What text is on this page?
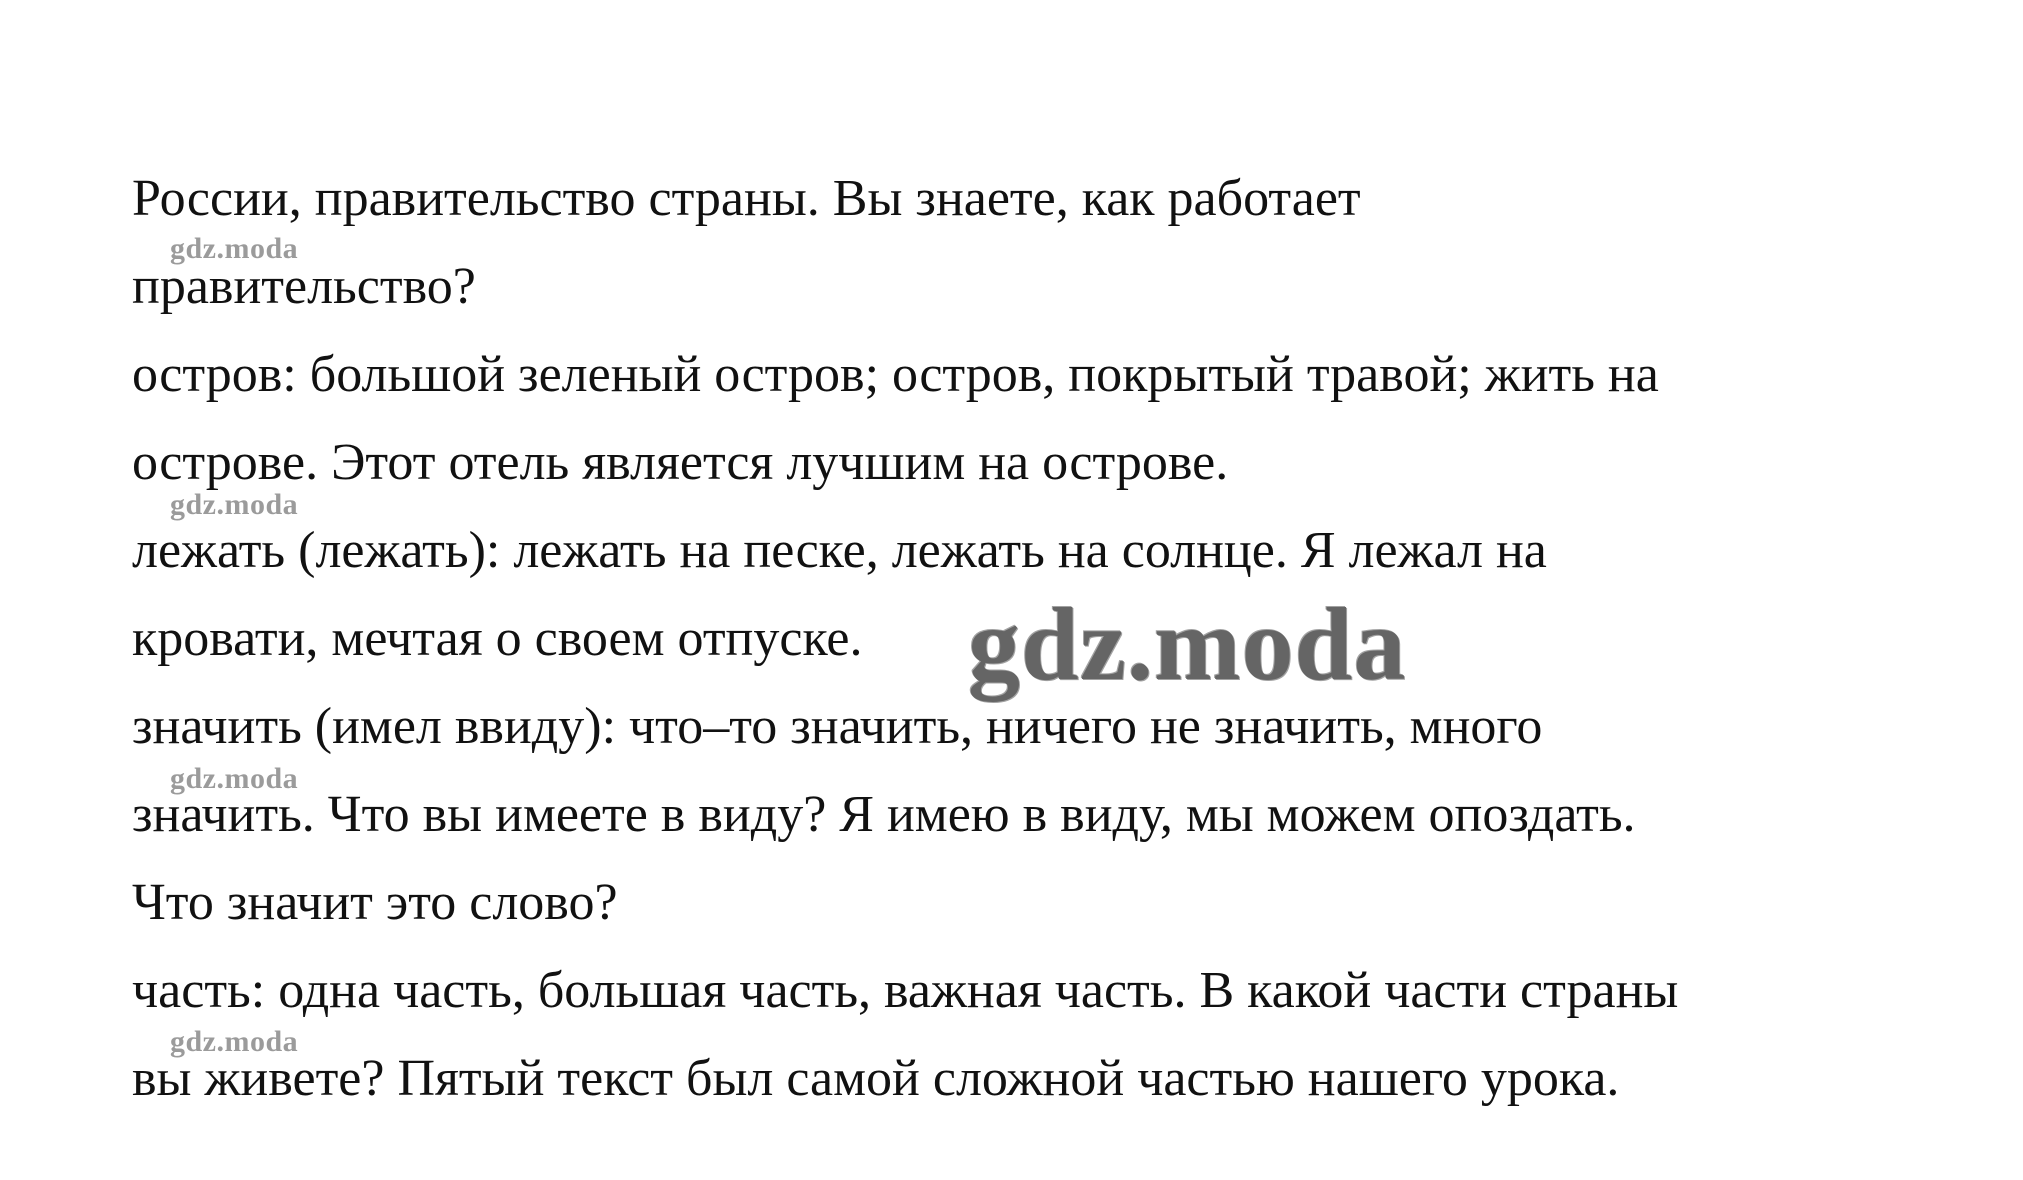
России, правительство страны. Вы знаете, как работает
правительство?
остров: большой зеленый остров; остров, покрытый травой; жить на
острове. Этот отель является лучшим на острове.
лежать (лежать): лежать на песке, лежать на солнце. Я лежал на
кровати, мечтая о своем отпуске.
значить (имел ввиду): что–то значить, ничего не значить, много
значить. Что вы имеете в виду? Я имею в виду, мы можем опоздать.
Что значит это слово?
часть: одна часть, большая часть, важная часть. В какой части страны
вы живете? Пятый текст был самой сложной частью нашего урока.
gdz.moda
gdz.moda
gdz.moda
gdz.moda
gdz.moda
